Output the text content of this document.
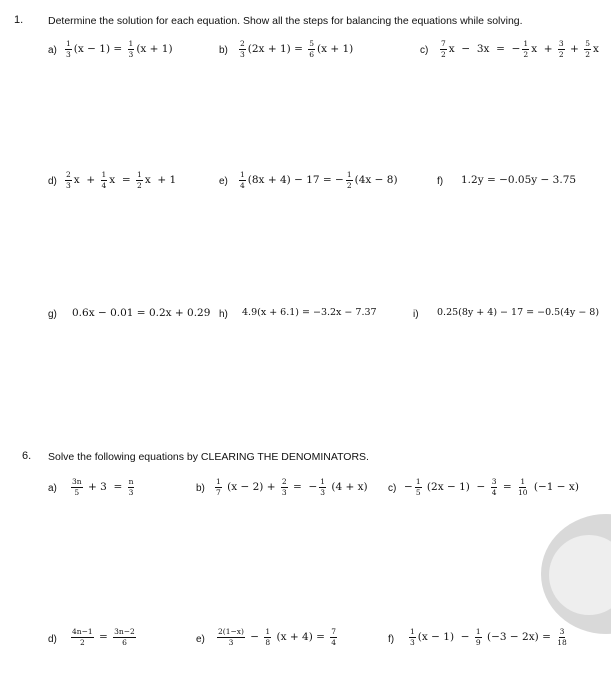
1. Determine the solution for each equation. Show all the steps for balancing the equations while solving.
$a) \frac{1}{3} (x - 1) = \frac{1}{3} (x + 1)$	$b) \frac{2}{3} (2x + 1) = \frac{5}{6} (x + 1)$	$c) \frac{7}{2}$ x  −  3x  =  − $\frac{1}{2}$ $x + \frac{3}{2} + \frac{5}{2}$ x
$d) \frac{2}{3}$ $x + \frac{1}{4}$ $x = \frac{1}{2}$ x  + 1	$e) \frac{1}{4} (8x + 4) - 17$ = − $\frac{1}{2} (4x - 8)$	f) 1.2y = −0.05y − 3.75
g) 0.6x − 0.01 = 0.2x + 0.29 h) 4.9(x + 6.1) = −3.2x − 7.37	i) 0.25(8y + 4) − 17 = −0.5(4y − 8)
6. Solve the following equations by CLEARING THE DENOMINATORS.
$a) \frac{3n}{5} + 3 = \frac{n}{3}$	$b) \frac{1}{7} (x - 2) + \frac{2}{3}$ =  − $\frac{1}{3} (4 + x) c) - \frac{1}{5} (2x - 1) - \frac{3}{4} = \frac{1}{10} (-1 - x)$
$d) \frac{4n-1}{2} = \frac{3n-2}{6}$	$e) \frac{2(1-x)}{3} - \frac{1}{8} (x + 4) = \frac{7}{4}$	$f) \frac{1}{3} (x - 1) - \frac{1}{9} (-3 - 2x) = \frac{3}{18}$
